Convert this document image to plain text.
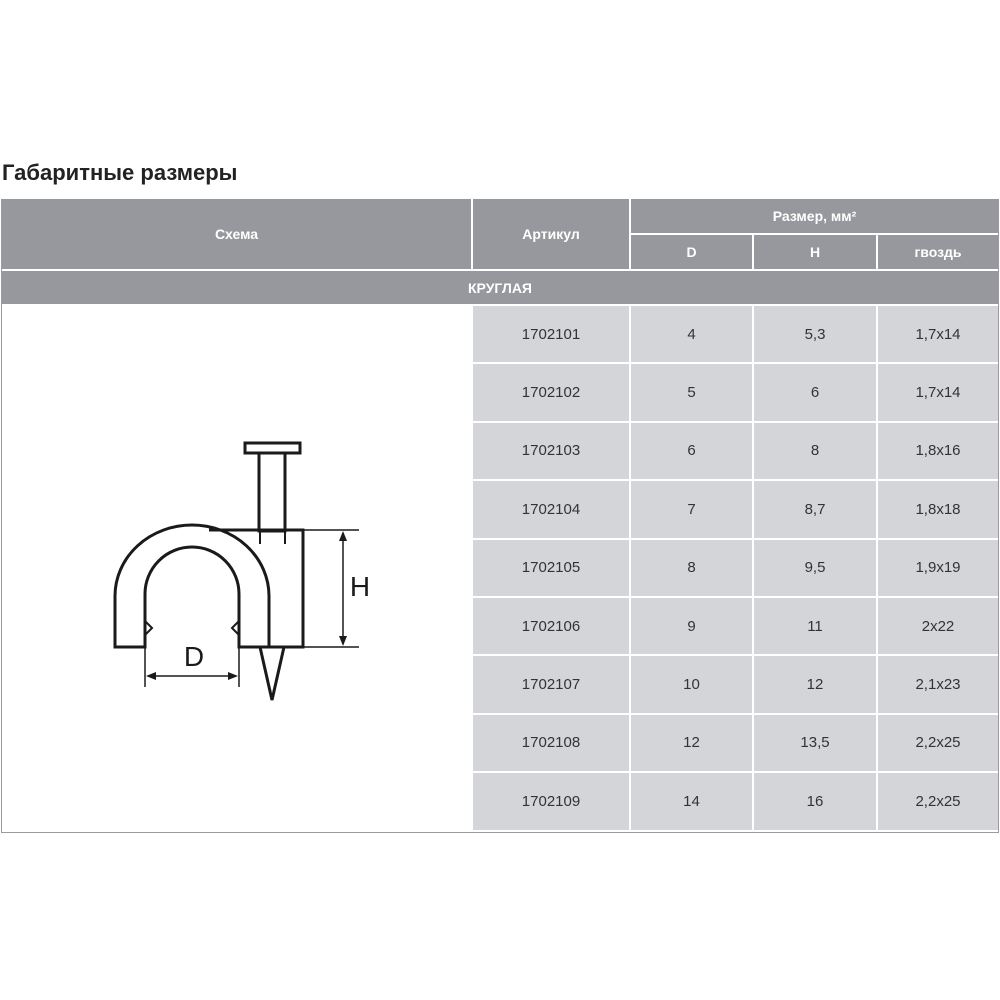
Габаритные размеры
Схема	Артикул
Размер, мм²
D	H	гвоздь
КРУГЛАЯ
D
H
1702101	4	5,3	1,7x14
1702102	5	6	1,7x14
1702103	6	8	1,8x16
1702104	7	8,7	1,8x18
1702105	8	9,5	1,9x19
1702106	9	11	2x22
1702107	10	12	2,1x23
1702108	12	13,5	2,2x25
1702109	14	16	2,2x25
